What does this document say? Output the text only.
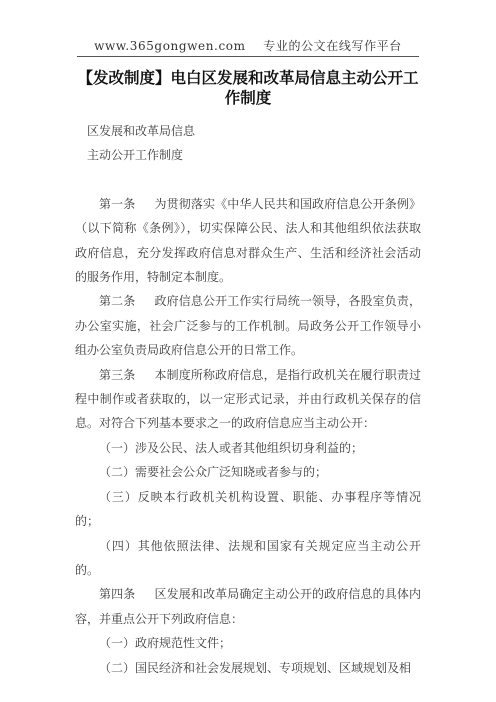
www.365gongwen.com 专业的公文在线写作平台
【发改制度】电白区发展和改革局信息主动公开工作制度

区发展和改革局信息

主动公开工作制度

第一条 为贯彻落实《中华人民共和国政府信息公开条例》（以下简称《条例》），切实保障公民、法人和其他组织依法获取政府信息，充分发挥政府信息对群众生产、生活和经济社会活动的服务作用，特制定本制度。

第二条 政府信息公开工作实行局统一领导，各股室负责，办公室实施，社会广泛参与的工作机制。局政务公开工作领导小组办公室负责局政府信息公开的日常工作。

第三条 本制度所称政府信息，是指行政机关在履行职责过程中制作或者获取的，以一定形式记录，并由行政机关保存的信息。对符合下列基本要求之一的政府信息应当主动公开：

（一）涉及公民、法人或者其他组织切身利益的；

（二）需要社会公众广泛知晓或者参与的；

（三）反映本行政机关机构设置、职能、办事程序等情况的；

（四）其他依照法律、法规和国家有关规定应当主动公开的。

第四条 区发展和改革局确定主动公开的政府信息的具体内容，并重点公开下列政府信息：

（一）政府规范性文件；

（二）国民经济和社会发展规划、专项规划、区域规划及相
